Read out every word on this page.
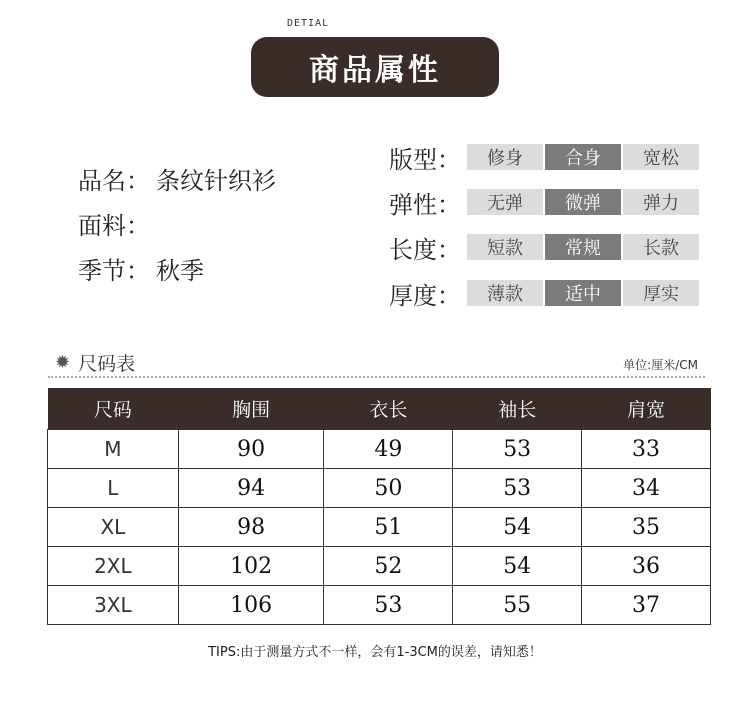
DETIAL
商品属性
品名： 条纹针织衫
面料：
季节： 秋季
版型：	修身	合身	宽松
弹性：	无弹	微弹	弹力
长度：	短款	常规	长款
厚度：	薄款	适中	厚实
✹ 尺码表	单位:厘米/CM
尺码	胸围	衣长	袖长	肩宽
M	90	49	53	33
L	94	50	53	34
XL	98	51	54	35
2XL	102	52	54	36
3XL	106	53	55	37
TIPS:由于测量方式不一样，会有1-3CM的误差，请知悉！
